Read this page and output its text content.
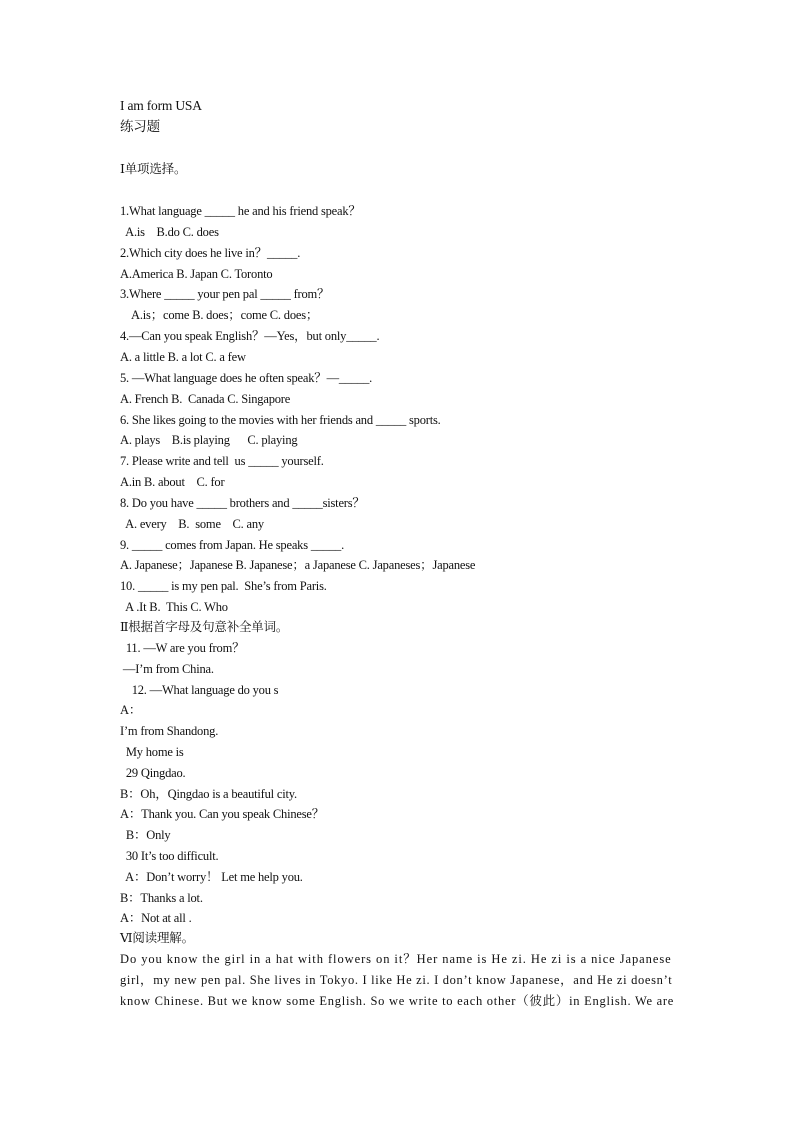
I am form USA
练习题
Ⅰ单项选择。
1.What language _____ he and his friend speak？
A.is    B.do C. does
2.Which city does he live in？_____.
A.America B. Japan C. Toronto
3.Where _____ your pen pal _____ from？
A.is；come B. does；come C. does；
4.—Can you speak English？—Yes，but only_____.
A. a little B. a lot C. a few
5. —What language does he often speak？—_____.
A. French B.  Canada C. Singapore
6. She likes going to the movies with her friends and _____ sports.
A. plays    B.is playing      C. playing
7. Please write and tell  us _____ yourself.
A.in B. about    C. for
8. Do you have _____ brothers and _____sisters？
A. every    B.  some    C. any
9. _____ comes from Japan. He speaks _____.
A. Japanese；Japanese B. Japanese；a Japanese C. Japaneses；Japanese
10. _____ is my pen pal.  She’s from Paris.
A .It B.  This C. Who
Ⅱ根据首字母及句意补全单词。
11. —W are you from？
—I’m from China.
12. —What language do you s
A：
I’m from Shandong.
My home is
29 Qingdao.
B：Oh，Qingdao is a beautiful city.
A：Thank you. Can you speak Chinese？
B：Only
30 It’s too difficult.
A：Don’t worry！ Let me help you.
B：Thanks a lot.
A：Not at all .
Ⅵ阅读理解。
Do you know the girl in a hat with flowers on it？Her name is He zi. He zi is a nice Japanese
girl，my new pen pal. She lives in Tokyo. I like He zi. I don’t know Japanese，and He zi doesn’t
know Chinese. But we know some English. So we write to each other（彼此）in English. We are
